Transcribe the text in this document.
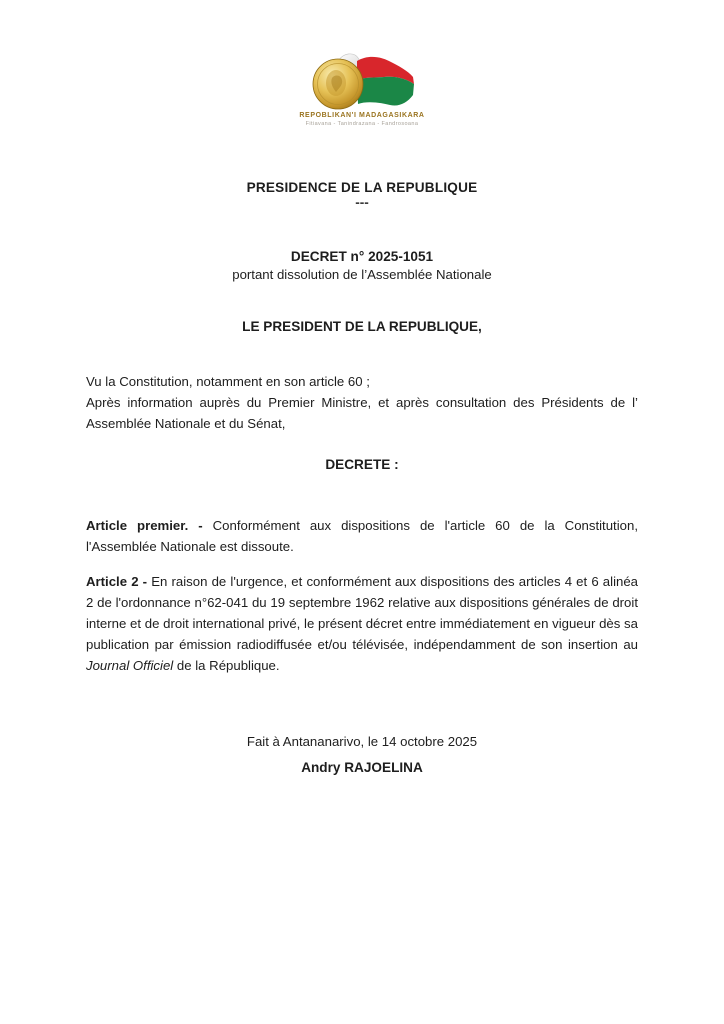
REPOBLIKAN'I MADAGASIKARA
Fitiavana - Tanindrazana - Fandrosoana
PRESIDENCE DE LA REPUBLIQUE
---
DECRET n° 2025-1051
portant dissolution de l’Assemblée Nationale
LE PRESIDENT DE LA REPUBLIQUE,
Vu la Constitution, notamment en son article 60 ;
Après information auprès du Premier Ministre, et après consultation des Présidents de l’ Assemblée Nationale et du Sénat,
DECRETE :

Article premier. - Conformément aux dispositions de l'article 60 de la Constitution, l'Assemblée Nationale est dissoute.

Article 2 - En raison de l'urgence, et conformément aux dispositions des articles 4 et 6 alinéa 2 de l'ordonnance n°62-041 du 19 septembre 1962 relative aux dispositions générales de droit interne et de droit international privé, le présent décret entre immédiatement en vigueur dès sa publication par émission radiodiffusée et/ou télévisée, indépendamment de son insertion au Journal Officiel de la République.

Fait à Antananarivo, le 14 octobre 2025
Andry RAJOELINA
